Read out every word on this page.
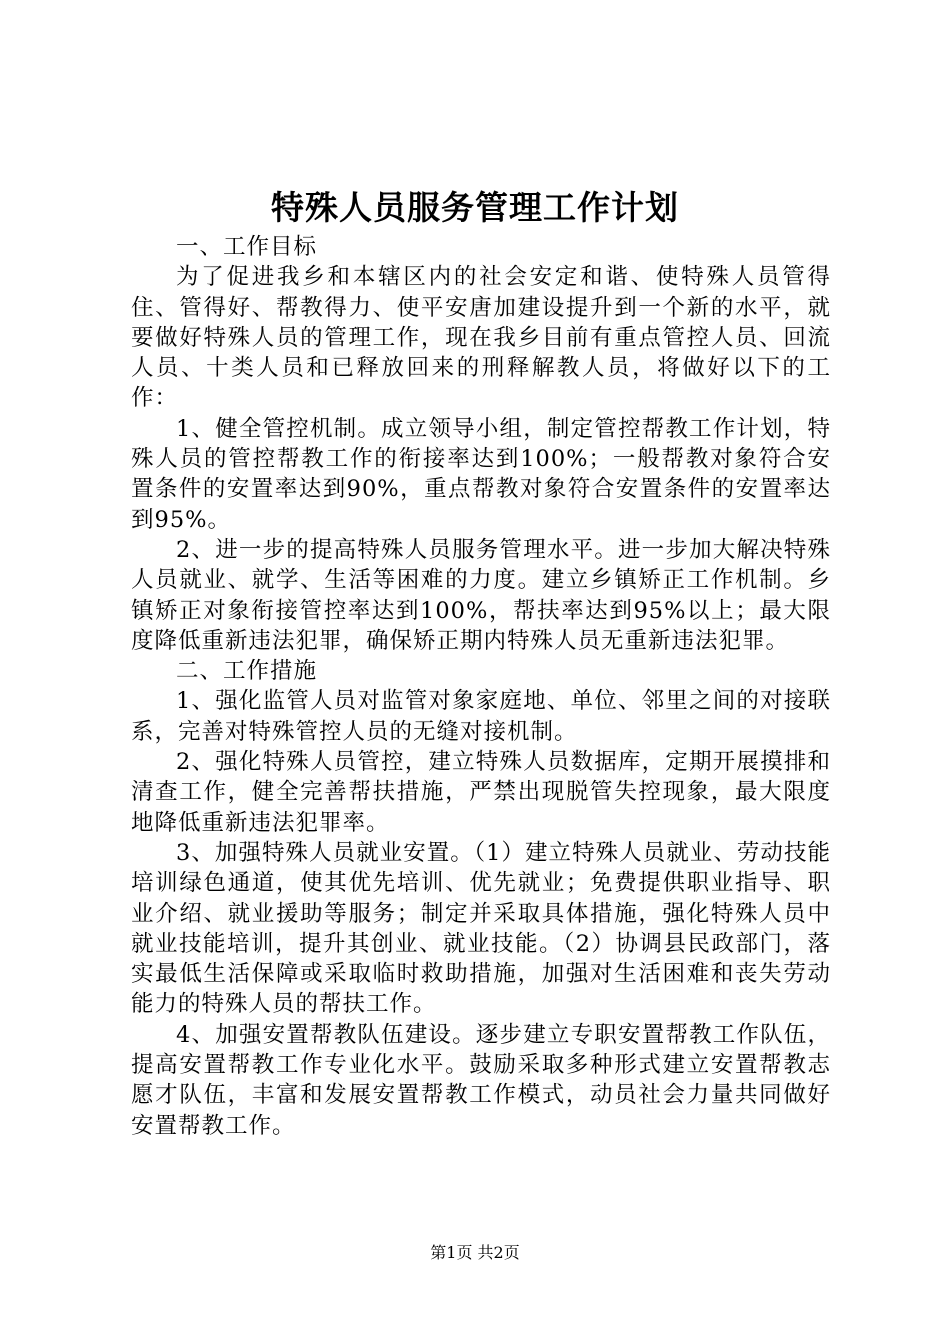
特殊人员服务管理工作计划

一、工作目标

为了促进我乡和本辖区内的社会安定和谐、使特殊人员管得住、管得好、帮教得力、使平安唐加建设提升到一个新的水平，就要做好特殊人员的管理工作，现在我乡目前有重点管控人员、回流人员、十类人员和已释放回来的刑释解教人员，将做好以下的工作：

1、健全管控机制。成立领导小组，制定管控帮教工作计划，特殊人员的管控帮教工作的衔接率达到100%；一般帮教对象符合安置条件的安置率达到90%，重点帮教对象符合安置条件的安置率达到95%。

2、进一步的提高特殊人员服务管理水平。进一步加大解决特殊人员就业、就学、生活等困难的力度。建立乡镇矫正工作机制。乡镇矫正对象衔接管控率达到100%，帮扶率达到95%以上；最大限度降低重新违法犯罪，确保矫正期内特殊人员无重新违法犯罪。

二、工作措施

1、强化监管人员对监管对象家庭地、单位、邻里之间的对接联系，完善对特殊管控人员的无缝对接机制。

2、强化特殊人员管控，建立特殊人员数据库，定期开展摸排和清查工作，健全完善帮扶措施，严禁出现脱管失控现象，最大限度地降低重新违法犯罪率。

3、加强特殊人员就业安置。（1）建立特殊人员就业、劳动技能培训绿色通道，使其优先培训、优先就业；免费提供职业指导、职业介绍、就业援助等服务；制定并采取具体措施，强化特殊人员中就业技能培训，提升其创业、就业技能。（2）协调县民政部门，落实最低生活保障或采取临时救助措施，加强对生活困难和丧失劳动能力的特殊人员的帮扶工作。

4、加强安置帮教队伍建设。逐步建立专职安置帮教工作队伍，提高安置帮教工作专业化水平。鼓励采取多种形式建立安置帮教志愿才队伍，丰富和发展安置帮教工作模式，动员社会力量共同做好安置帮教工作。

第1页 共2页
